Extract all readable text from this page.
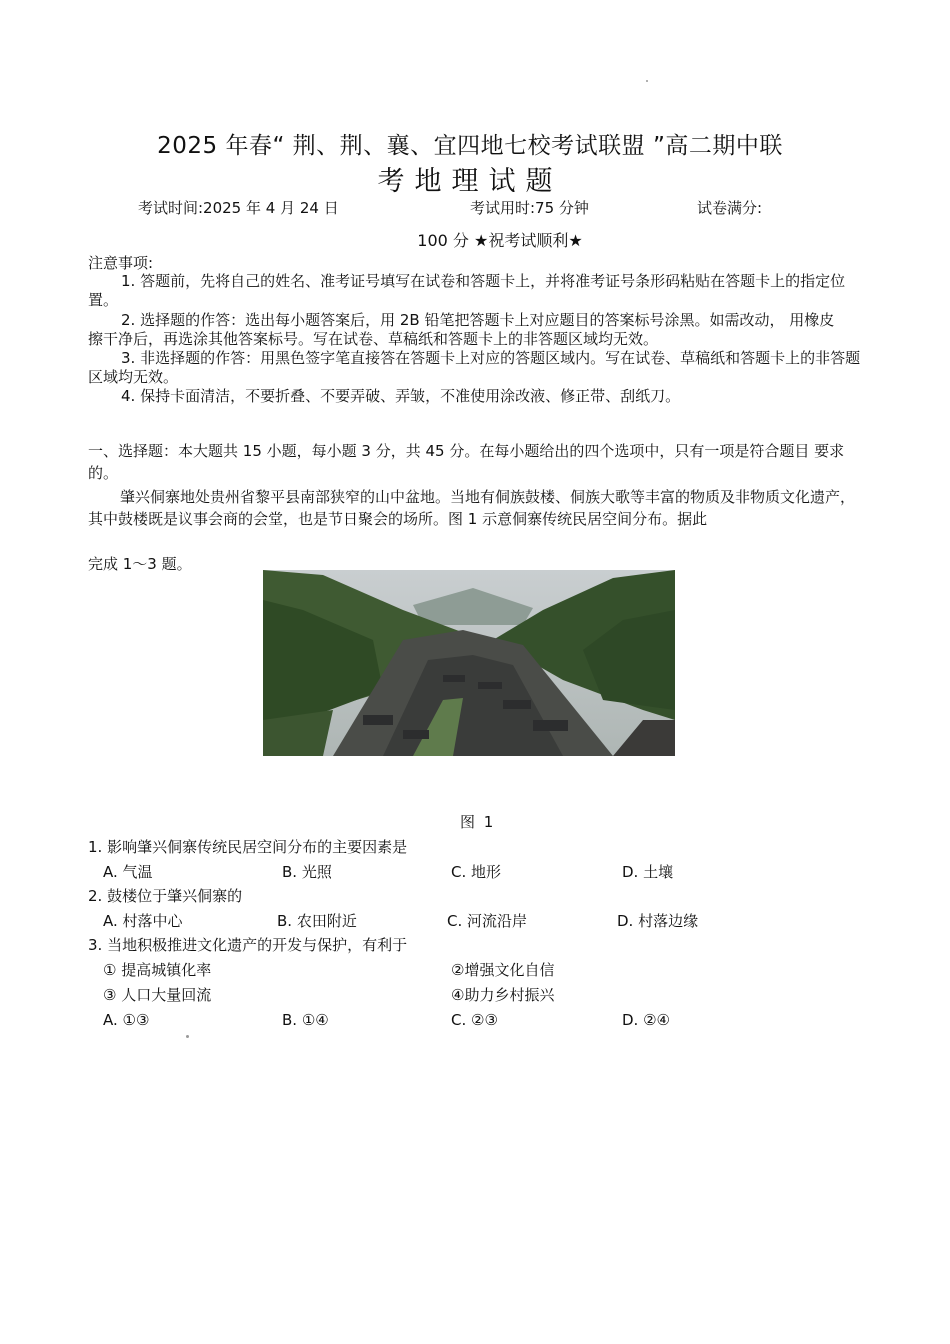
2025 年春“ 荆、荆、襄、宜四地七校考试联盟 ”高二期中联
考地理试题
考试时间:2025 年 4 月 24 日	考试用时:75 分钟	试卷满分:
100 分 ★祝考试顺利★
注意事项:
1. 答题前，先将自己的姓名、准考证号填写在试卷和答题卡上，并将准考证号条形码粘贴在答题卡上的指定位置。
2. 选择题的作答：选出每小题答案后，用 2B 铅笔把答题卡上对应题目的答案标号涂黑。如需改动， 用橡皮擦干净后，再选涂其他答案标号。写在试卷、草稿纸和答题卡上的非答题区域均无效。
3. 非选择题的作答：用黑色签字笔直接答在答题卡上对应的答题区域内。写在试卷、草稿纸和答题卡上的非答题区域均无效。
4. 保持卡面清洁，不要折叠、不要弄破、弄皱，不准使用涂改液、修正带、刮纸刀。
一、选择题：本大题共 15 小题，每小题 3 分，共 45 分。在每小题给出的四个选项中，只有一项是符合题目 要求的。
肇兴侗寨地处贵州省黎平县南部狭窄的山中盆地。当地有侗族鼓楼、侗族大歌等丰富的物质及非物质文化遗产，其中鼓楼既是议事会商的会堂，也是节日聚会的场所。图 1 示意侗寨传统民居空间分布。据此
完成 1～3 题。
图 1
1. 影响肇兴侗寨传统民居空间分布的主要因素是
A. 气温	B. 光照	C. 地形	D. 土壤
2. 鼓楼位于肇兴侗寨的
A. 村落中心	B. 农田附近	C. 河流沿岸	D. 村落边缘
3. 当地积极推进文化遗产的开发与保护，有利于
① 提高城镇化率	②增强文化自信
③ 人口大量回流	④助力乡村振兴
A. ①③	B. ①④	C. ②③	D. ②④
